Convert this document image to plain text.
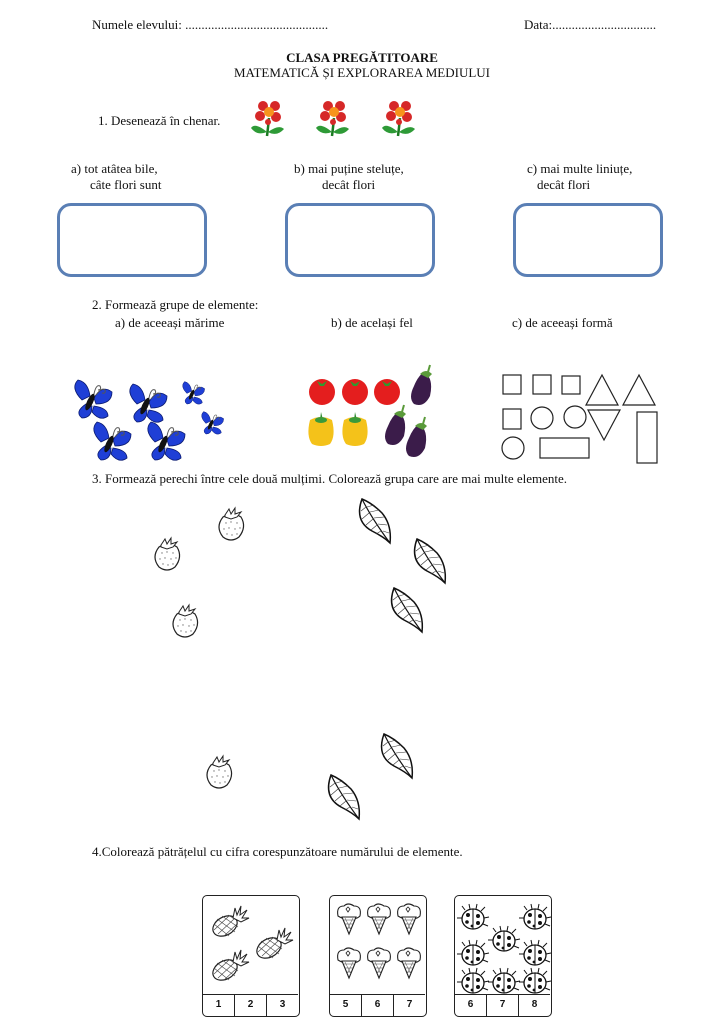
Numele elevului: ............................................	Data:................................
CLASA PREGĂTITOARE
MATEMATICĂ ȘI EXPLORAREA MEDIULUI
1. Desenează în chenar.
a) tot atâtea bile,
câte flori sunt
b) mai puține steluțe,
decât flori
c) mai multe liniuțe,
decât flori
2. Formează grupe de elemente:
a) de aceeași mărime	b) de același fel	c) de aceeași formă
3. Formează perechi între cele două mulțimi. Colorează grupa care are mai multe elemente.
4.Colorează pătrățelul cu cifra corespunzătoare numărului de elemente.
1	2	3	5	6	7	6	7	8
